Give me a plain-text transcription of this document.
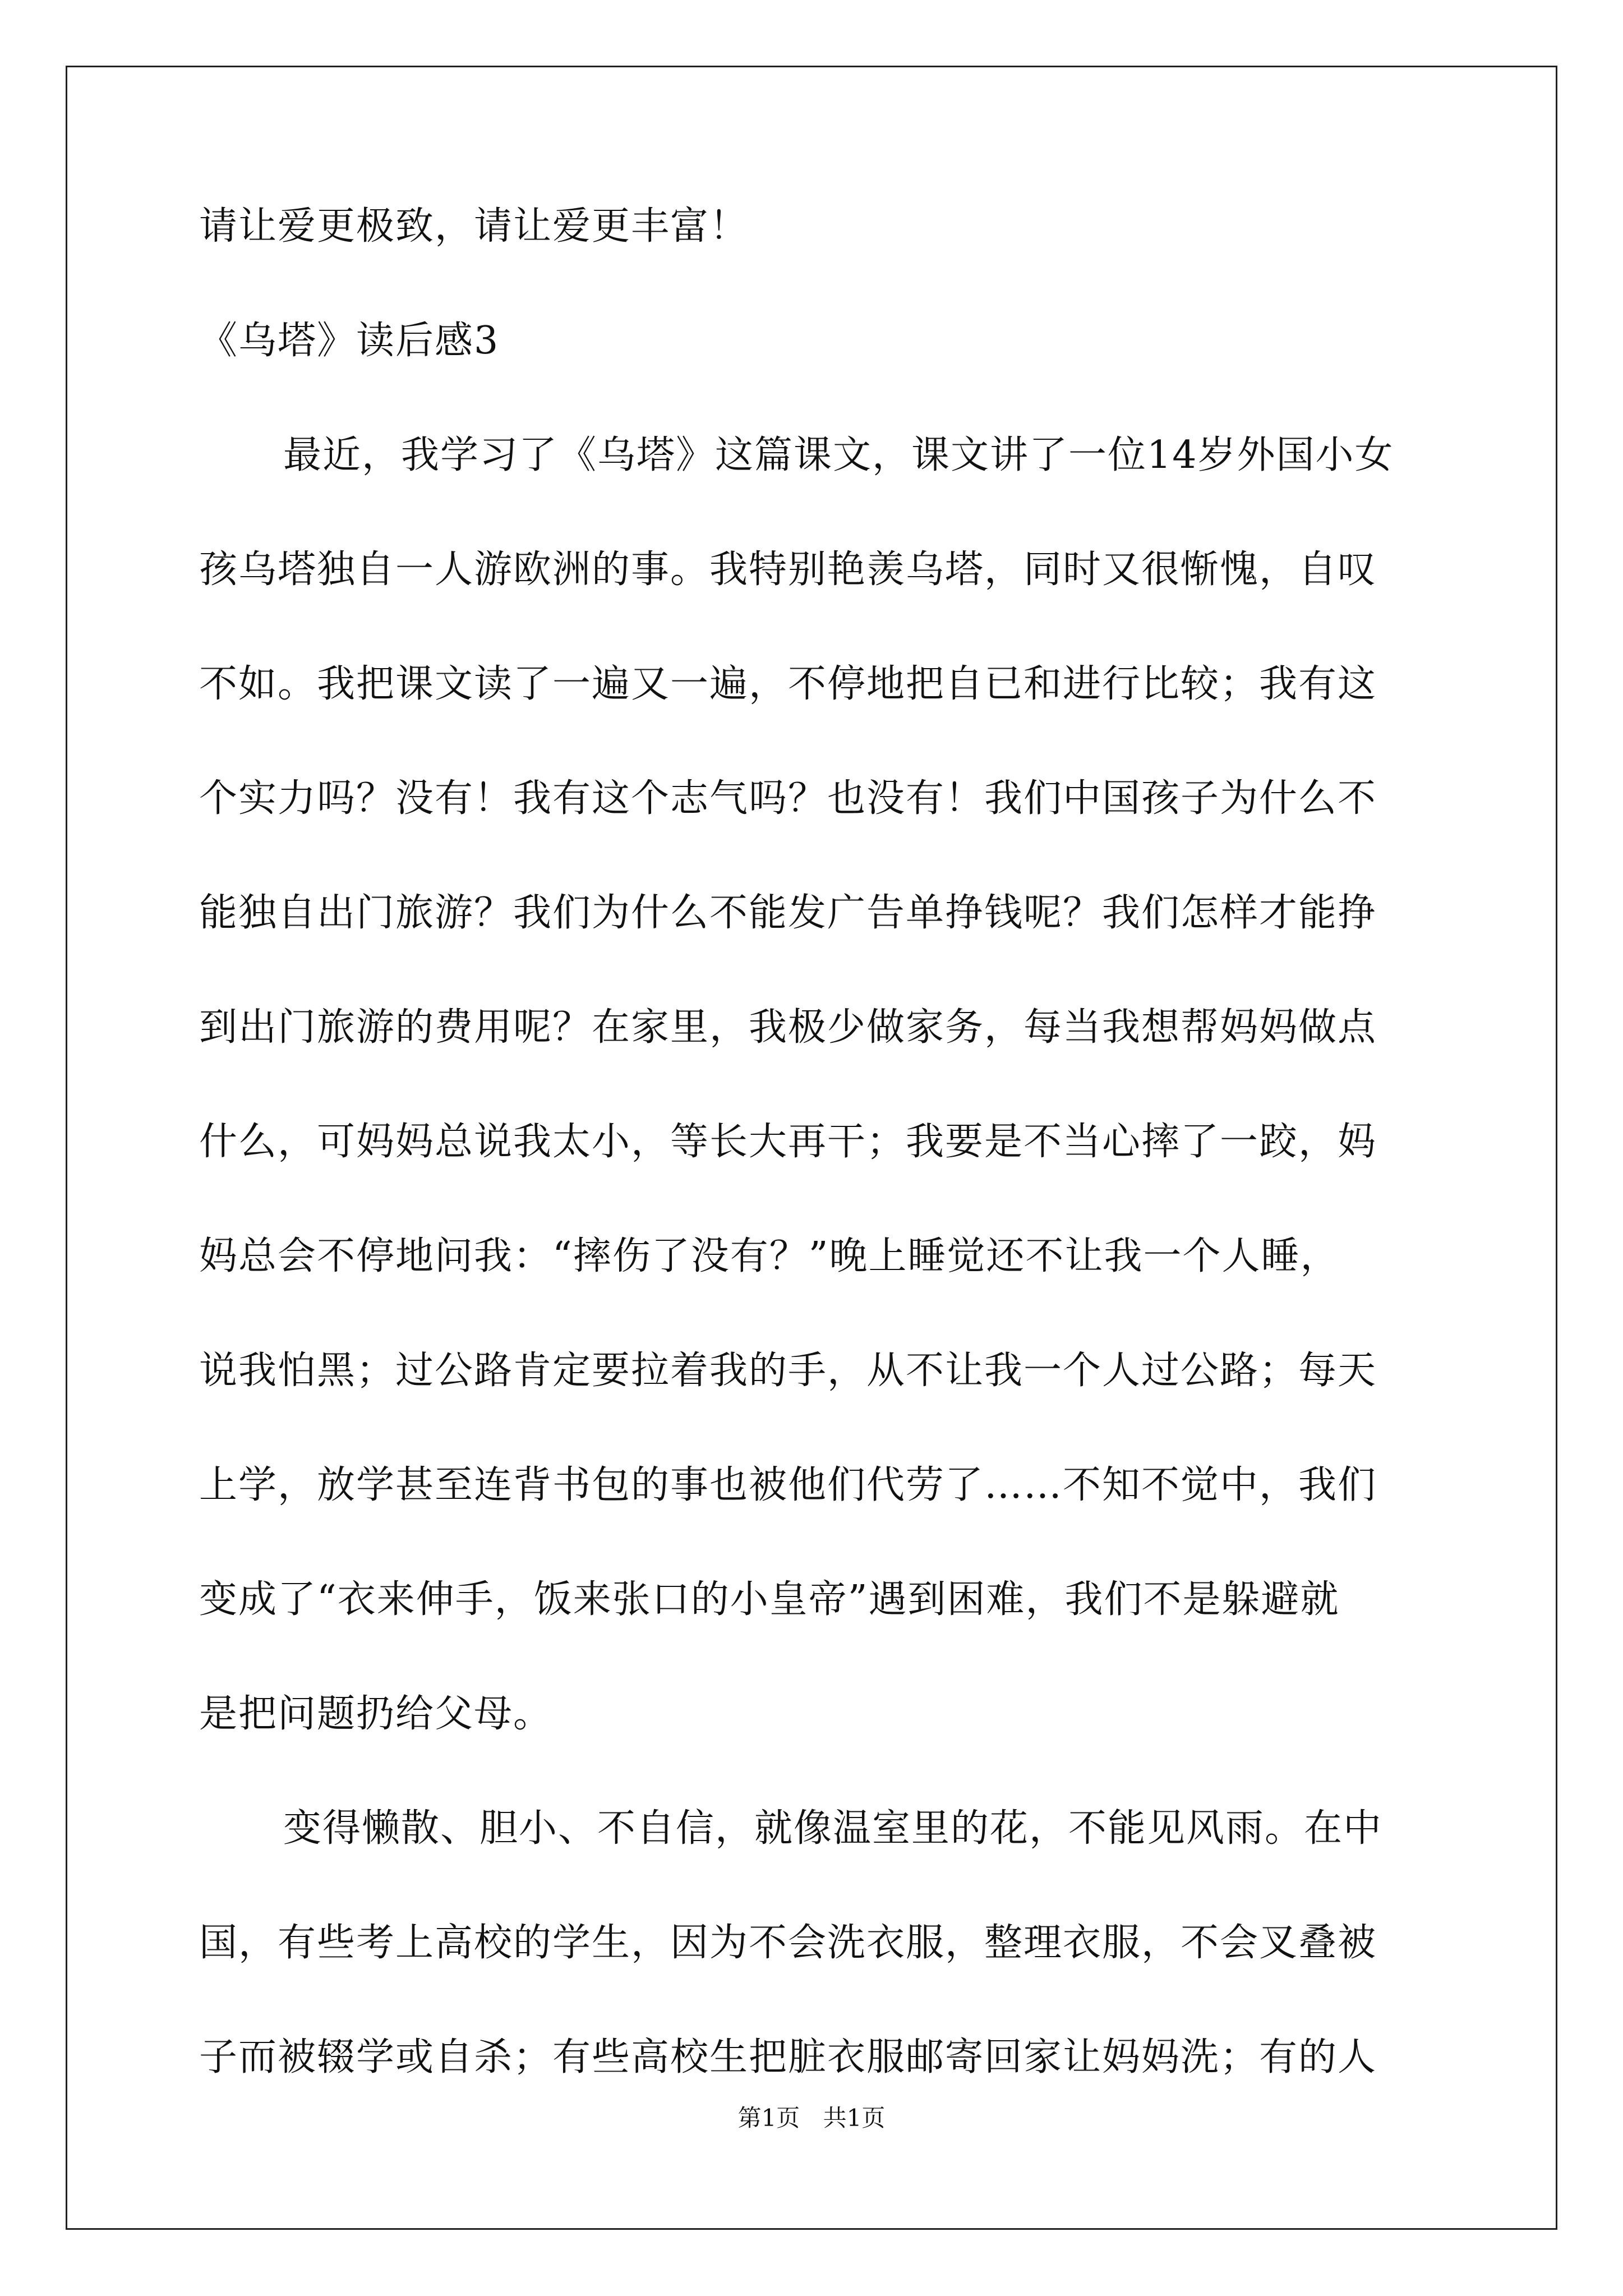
请让爱更极致，请让爱更丰富！
《乌塔》读后感3
最近，我学习了《乌塔》这篇课文，课文讲了一位14岁外国小女
孩乌塔独自一人游欧洲的事。我特别艳羡乌塔，同时又很惭愧，自叹
不如。我把课文读了一遍又一遍，不停地把自已和进行比较；我有这
个实力吗？没有！我有这个志气吗？也没有！我们中国孩子为什么不
能独自出门旅游？我们为什么不能发广告单挣钱呢？我们怎样才能挣
到出门旅游的费用呢？在家里，我极少做家务，每当我想帮妈妈做点
什么，可妈妈总说我太小，等长大再干；我要是不当心摔了一跤，妈
妈总会不停地问我：“摔伤了没有？”晚上睡觉还不让我一个人睡，
说我怕黑；过公路肯定要拉着我的手，从不让我一个人过公路；每天
上学，放学甚至连背书包的事也被他们代劳了……不知不觉中，我们
变成了“衣来伸手，饭来张口的小皇帝”遇到困难，我们不是躲避就
是把问题扔给父母。
变得懒散、胆小、不自信，就像温室里的花，不能见风雨。在中
国，有些考上高校的学生，因为不会洗衣服，整理衣服，不会叉叠被
子而被辍学或自杀；有些高校生把脏衣服邮寄回家让妈妈洗；有的人
第1页 共1页
